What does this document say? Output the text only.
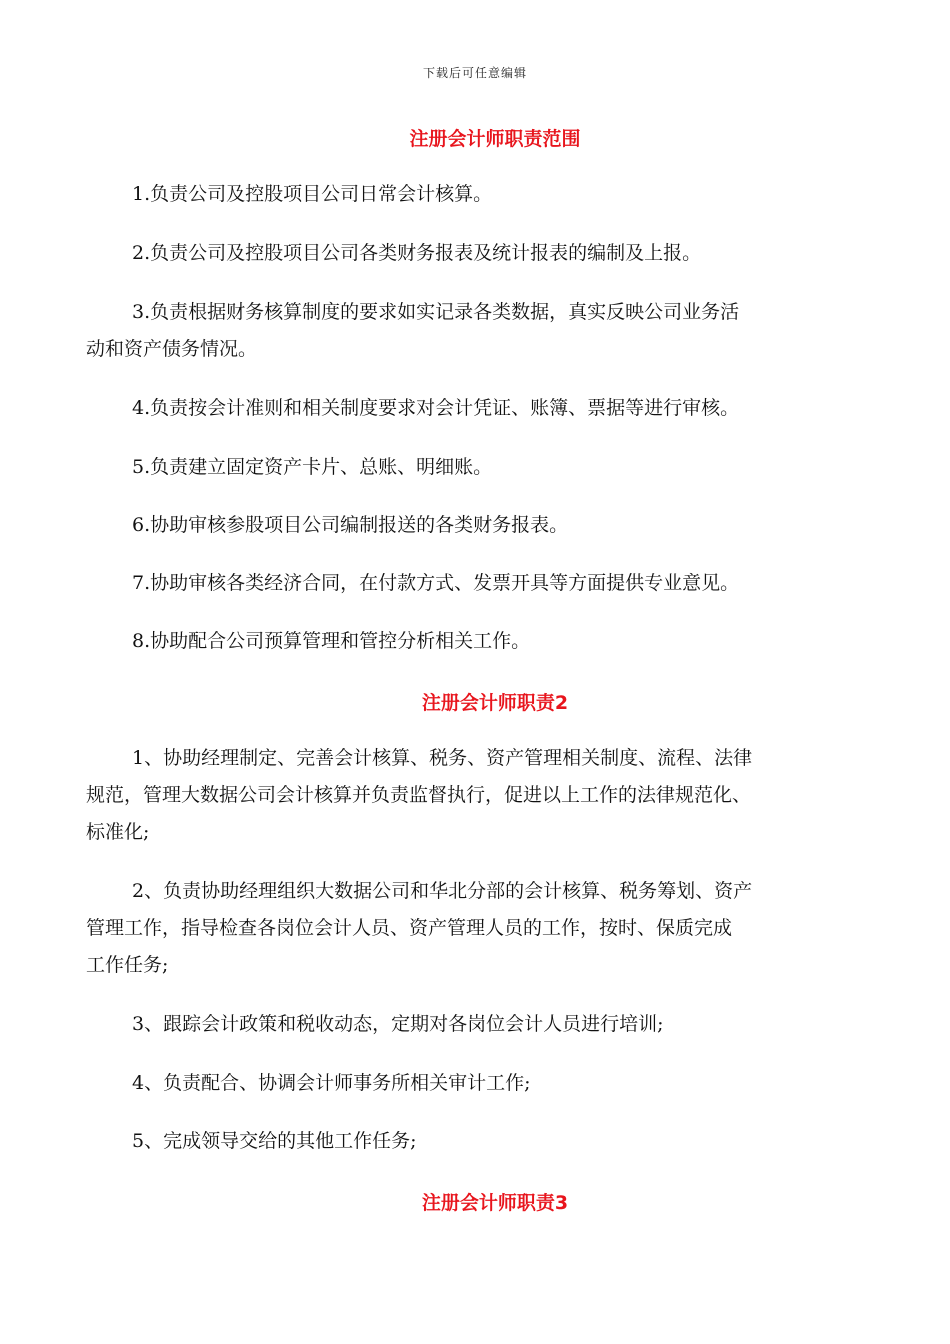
下载后可任意编辑
注册会计师职责范围
1.负责公司及控股项目公司日常会计核算。
2.负责公司及控股项目公司各类财务报表及统计报表的编制及上报。
3.负责根据财务核算制度的要求如实记录各类数据，真实反映公司业务活
动和资产债务情况。
4.负责按会计准则和相关制度要求对会计凭证、账簿、票据等进行审核。
5.负责建立固定资产卡片、总账、明细账。
6.协助审核参股项目公司编制报送的各类财务报表。
7.协助审核各类经济合同，在付款方式、发票开具等方面提供专业意见。
8.协助配合公司预算管理和管控分析相关工作。
注册会计师职责2
1、协助经理制定、完善会计核算、税务、资产管理相关制度、流程、法律
规范，管理大数据公司会计核算并负责监督执行，促进以上工作的法律规范化、
标准化;
2、负责协助经理组织大数据公司和华北分部的会计核算、税务筹划、资产
管理工作，指导检查各岗位会计人员、资产管理人员的工作，按时、保质完成
工作任务;
3、跟踪会计政策和税收动态，定期对各岗位会计人员进行培训;
4、负责配合、协调会计师事务所相关审计工作;
5、完成领导交给的其他工作任务;
注册会计师职责3
